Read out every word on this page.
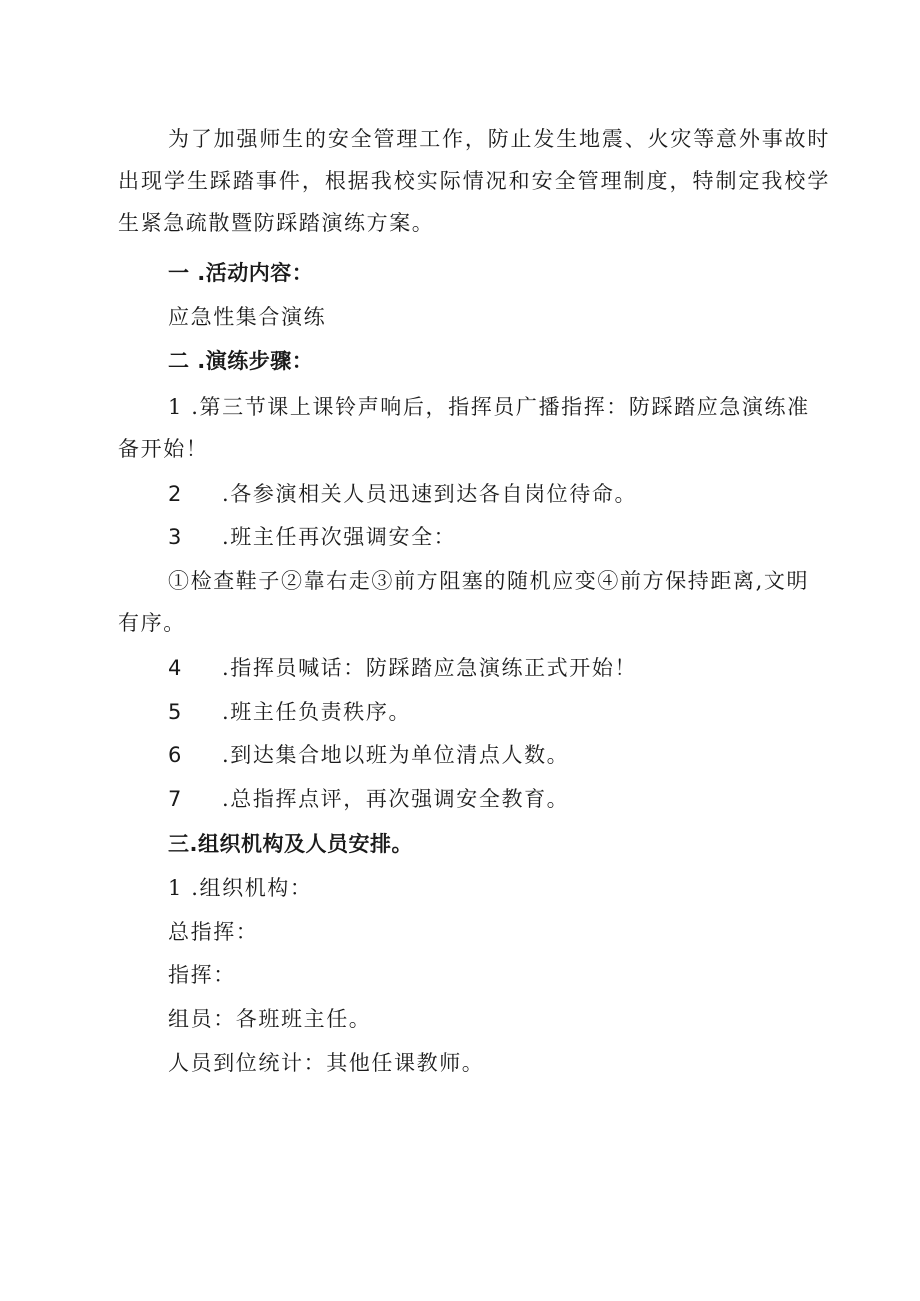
为了加强师生的安全管理工作，防止发生地震、火灾等意外事故时出现学生踩踏事件，根据我校实际情况和安全管理制度，特制定我校学生紧急疏散暨防踩踏演练方案。

一 .活动内容：

应急性集合演练

二 .演练步骤：

1 .第三节课上课铃声响后，指挥员广播指挥：防踩踏应急演练准备开始！

2 .各参演相关人员迅速到达各自岗位待命。

3 .班主任再次强调安全：

①检查鞋子②靠右走③前方阻塞的随机应变④前方保持距离,文明有序。

4 .指挥员喊话：防踩踏应急演练正式开始！

5 .班主任负责秩序。

6 .到达集合地以班为单位清点人数。

7 .总指挥点评，再次强调安全教育。

三.组织机构及人员安排。

1 .组织机构：

总指挥：

指挥：

组员：各班班主任。

人员到位统计：其他任课教师。
